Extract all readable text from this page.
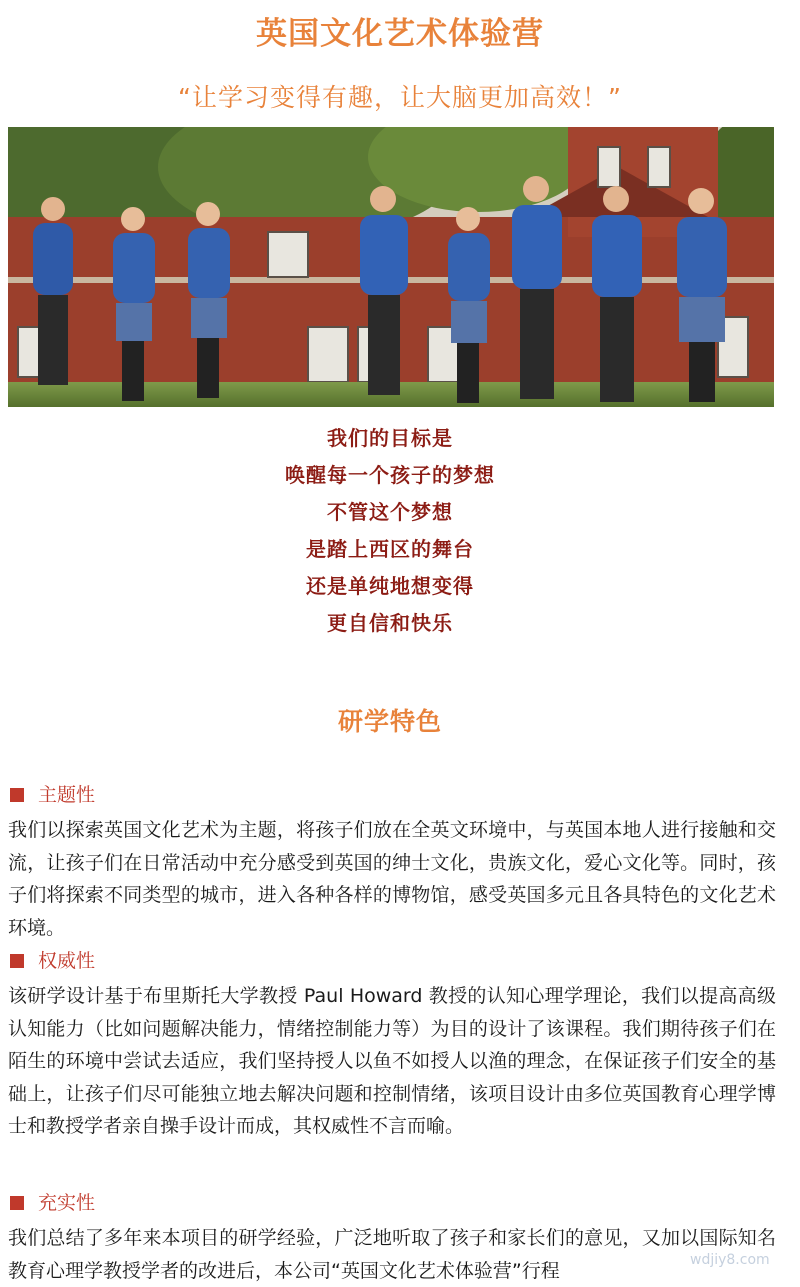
英国文化艺术体验营
“让学习变得有趣，让大脑更加高效！”
我们的目标是
唤醒每一个孩子的梦想
不管这个梦想
是踏上西区的舞台
还是单纯地想变得
更自信和快乐
研学特色
主题性
我们以探索英国文化艺术为主题，将孩子们放在全英文环境中，与英国本地人进行接触和交流，让孩子们在日常活动中充分感受到英国的绅士文化，贵族文化，爱心文化等。同时，孩子们将探索不同类型的城市，进入各种各样的博物馆，感受英国多元且各具特色的文化艺术环境。
权威性
该研学设计基于布里斯托大学教授 Paul Howard 教授的认知心理学理论，我们以提高高级认知能力（比如问题解决能力，情绪控制能力等）为目的设计了该课程。我们期待孩子们在陌生的环境中尝试去适应，我们坚持授人以鱼不如授人以渔的理念，在保证孩子们安全的基础上，让孩子们尽可能独立地去解决问题和控制情绪，该项目设计由多位英国教育心理学博士和教授学者亲自操手设计而成，其权威性不言而喻。
充实性
我们总结了多年来本项目的研学经验，广泛地听取了孩子和家长们的意见，又加以国际知名教育心理学教授学者的改进后，本公司“英国文化艺术体验营”行程	wdjiy8.com
